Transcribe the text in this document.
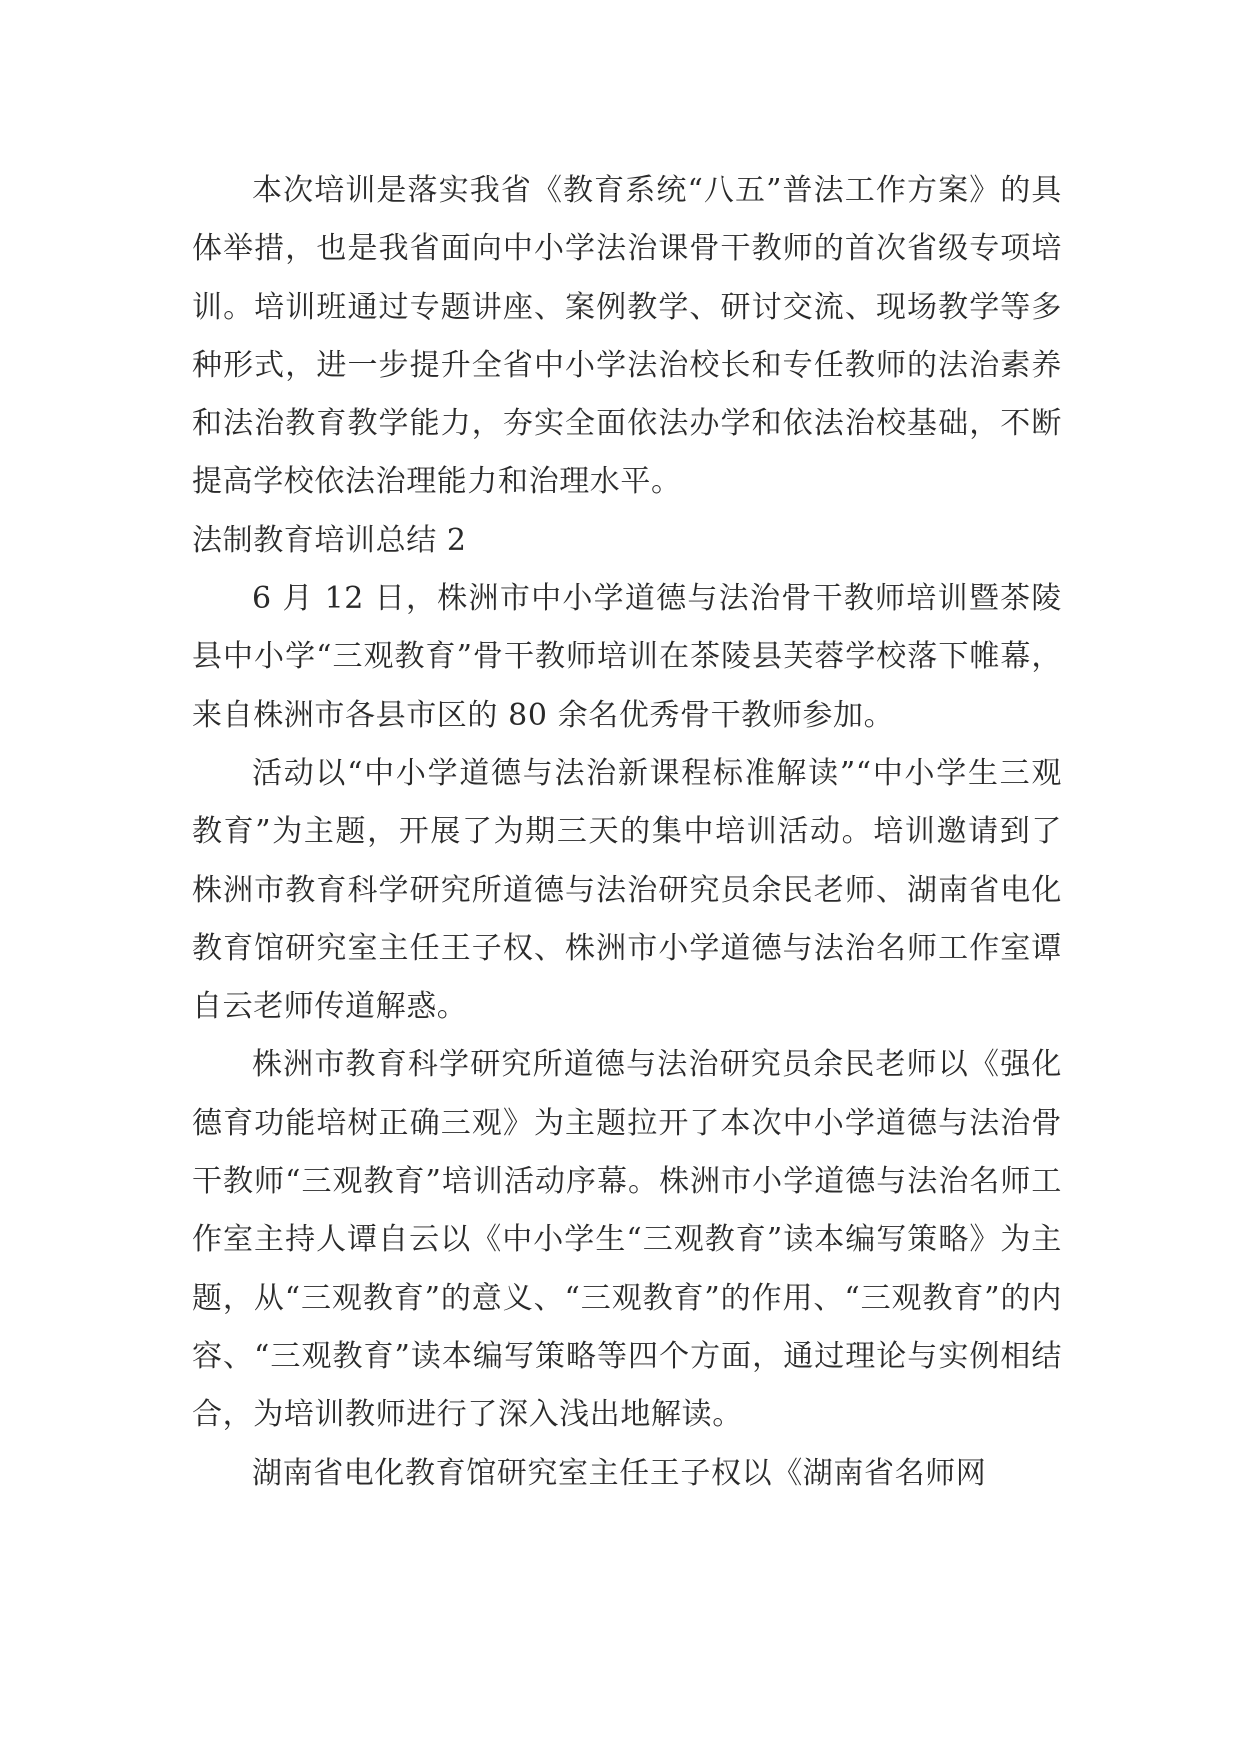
本次培训是落实我省《教育系统“八五”普法工作方案》的具体举措，也是我省面向中小学法治课骨干教师的首次省级专项培训。培训班通过专题讲座、案例教学、研讨交流、现场教学等多种形式，进一步提升全省中小学法治校长和专任教师的法治素养和法治教育教学能力，夯实全面依法办学和依法治校基础，不断提高学校依法治理能力和治理水平。

法制教育培训总结 2

6 月 12 日，株洲市中小学道德与法治骨干教师培训暨茶陵县中小学“三观教育”骨干教师培训在茶陵县芙蓉学校落下帷幕，来自株洲市各县市区的 80 余名优秀骨干教师参加。

活动以“中小学道德与法治新课程标准解读”“中小学生三观教育”为主题，开展了为期三天的集中培训活动。培训邀请到了株洲市教育科学研究所道德与法治研究员余民老师、湖南省电化教育馆研究室主任王子权、株洲市小学道德与法治名师工作室谭自云老师传道解惑。

株洲市教育科学研究所道德与法治研究员余民老师以《强化德育功能培树正确三观》为主题拉开了本次中小学道德与法治骨干教师“三观教育”培训活动序幕。株洲市小学道德与法治名师工作室主持人谭自云以《中小学生“三观教育”读本编写策略》为主题，从“三观教育”的意义、“三观教育”的作用、“三观教育”的内容、“三观教育”读本编写策略等四个方面，通过理论与实例相结合，为培训教师进行了深入浅出地解读。

湖南省电化教育馆研究室主任王子权以《湖南省名师网
